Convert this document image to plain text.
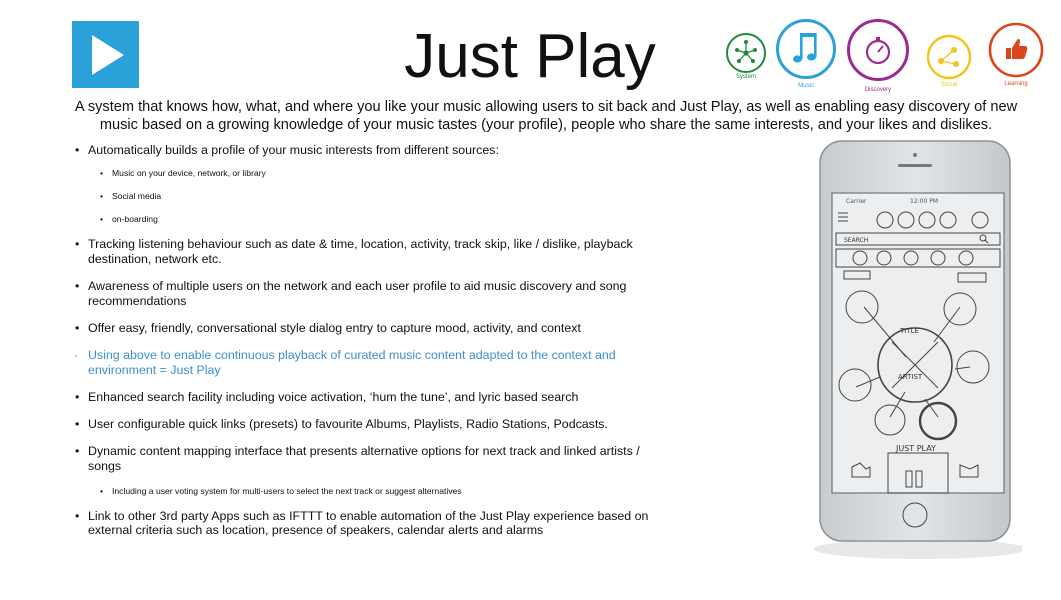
Just Play	System
Music
Discovery
Social	Learning

A system that knows how, what, and where you like your music allowing users to sit back and Just Play, as well as enabling easy discovery of new music based on a growing knowledge of your music tastes (your profile), people who share the same interests, and your likes and dislikes.

• Automatically builds a profile of your music interests from different sources:
• Music on your device, network, or library
• Social media
• on-boarding
• Tracking listening behaviour such as date & time, location, activity, track skip, like / dislike, playback destination, network etc.
• Awareness of multiple users on the network and each user profile to aid music discovery and song recommendations
• Offer easy, friendly, conversational style dialog entry to capture mood, activity, and context
· Using above to enable continuous playback of curated music content adapted to the context and environment = Just Play
• Enhanced search facility including voice activation, ‘hum the tune’, and lyric based search
• User configurable quick links (presets) to favourite Albums, Playlists, Radio Stations, Podcasts.
• Dynamic content mapping interface that presents alternative options for next track and linked artists / songs
• Including a user voting system for multi-users to select the next track or suggest alternatives
• Link to other 3rd party Apps such as IFTTT to enable automation of the Just Play experience based on external criteria such as location, presence of speakers, calendar alerts and alarms
Carrier	12:00 PM
TITLE
ARTIST
SEARCH
JUST PLAY
